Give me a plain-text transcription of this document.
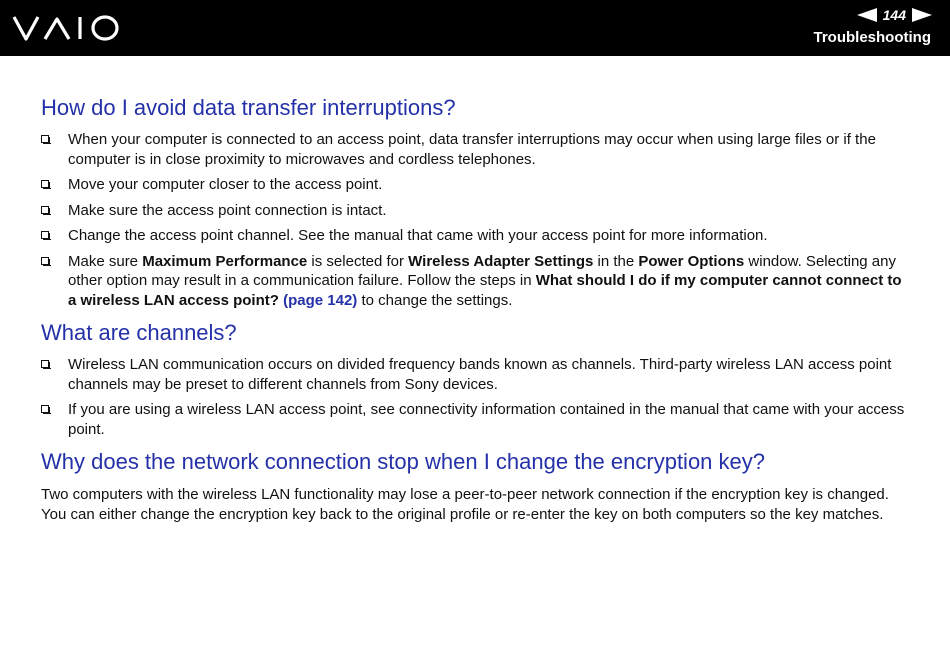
144
Troubleshooting
How do I avoid data transfer interruptions?
When your computer is connected to an access point, data transfer interruptions may occur when using large files or if the computer is in close proximity to microwaves and cordless telephones.
Move your computer closer to the access point.
Make sure the access point connection is intact.
Change the access point channel. See the manual that came with your access point for more information.
Make sure Maximum Performance is selected for Wireless Adapter Settings in the Power Options window. Selecting any other option may result in a communication failure. Follow the steps in What should I do if my computer cannot connect to a wireless LAN access point? (page 142) to change the settings.
What are channels?
Wireless LAN communication occurs on divided frequency bands known as channels. Third-party wireless LAN access point channels may be preset to different channels from Sony devices.
If you are using a wireless LAN access point, see connectivity information contained in the manual that came with your access point.
Why does the network connection stop when I change the encryption key?

Two computers with the wireless LAN functionality may lose a peer-to-peer network connection if the encryption key is changed. You can either change the encryption key back to the original profile or re-enter the key on both computers so the key matches.
